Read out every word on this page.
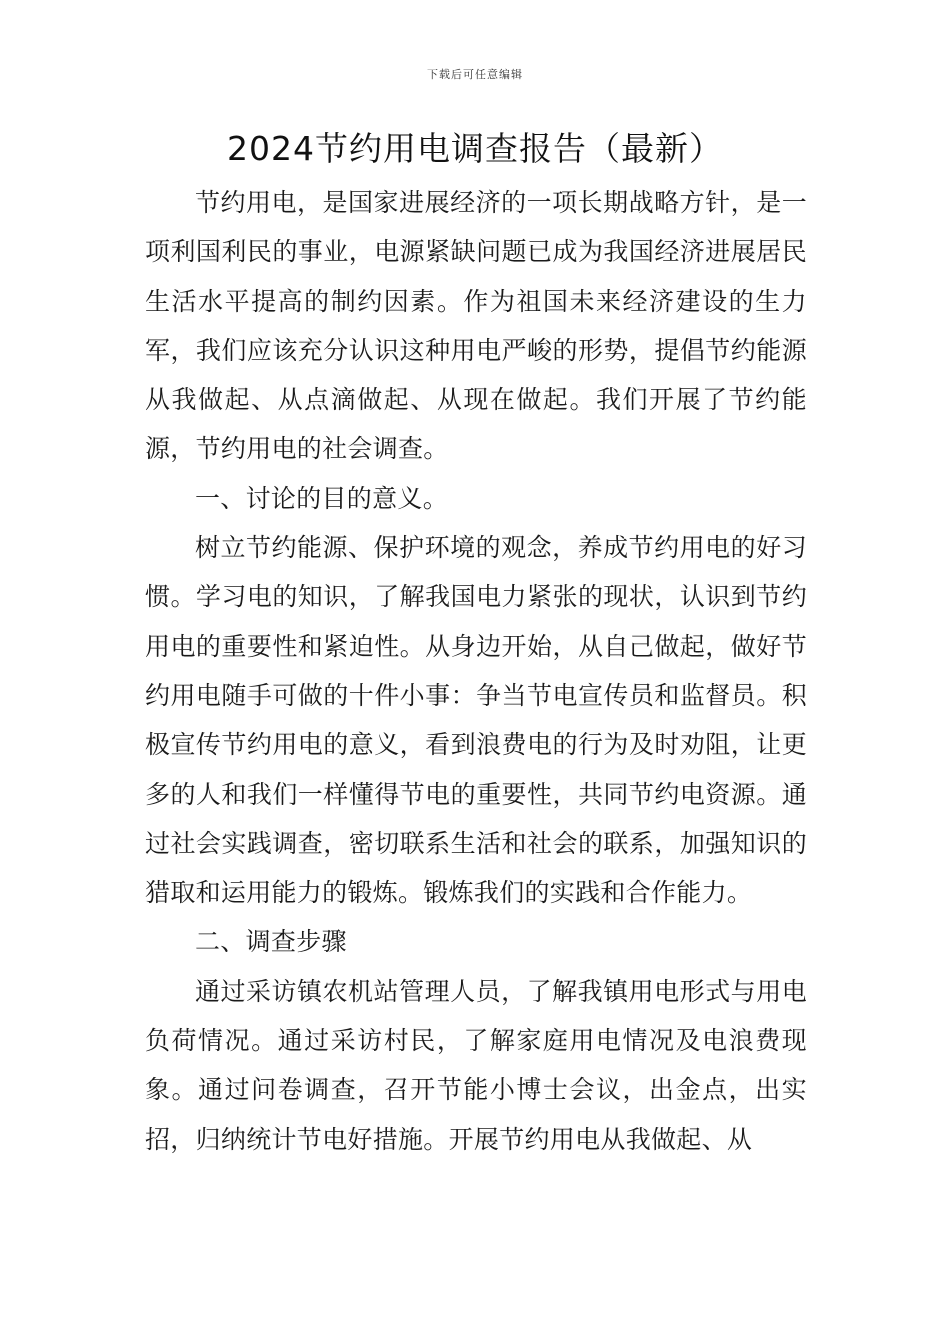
下载后可任意编辑
2024节约用电调查报告（最新）

节约用电，是国家进展经济的一项长期战略方针，是一项利国利民的事业，电源紧缺问题已成为我国经济进展居民生活水平提高的制约因素。作为祖国未来经济建设的生力军，我们应该充分认识这种用电严峻的形势，提倡节约能源从我做起、从点滴做起、从现在做起。我们开展了节约能源，节约用电的社会调查。

一、讨论的目的意义。

树立节约能源、保护环境的观念，养成节约用电的好习惯。学习电的知识，了解我国电力紧张的现状，认识到节约用电的重要性和紧迫性。从身边开始，从自己做起，做好节约用电随手可做的十件小事：争当节电宣传员和监督员。积极宣传节约用电的意义，看到浪费电的行为及时劝阻，让更多的人和我们一样懂得节电的重要性，共同节约电资源。通过社会实践调查，密切联系生活和社会的联系，加强知识的猎取和运用能力的锻炼。锻炼我们的实践和合作能力。

二、调查步骤

通过采访镇农机站管理人员，了解我镇用电形式与用电负荷情况。通过采访村民，了解家庭用电情况及电浪费现象。通过问卷调查，召开节能小博士会议，出金点，出实招，归纳统计节电好措施。开展节约用电从我做起、从
